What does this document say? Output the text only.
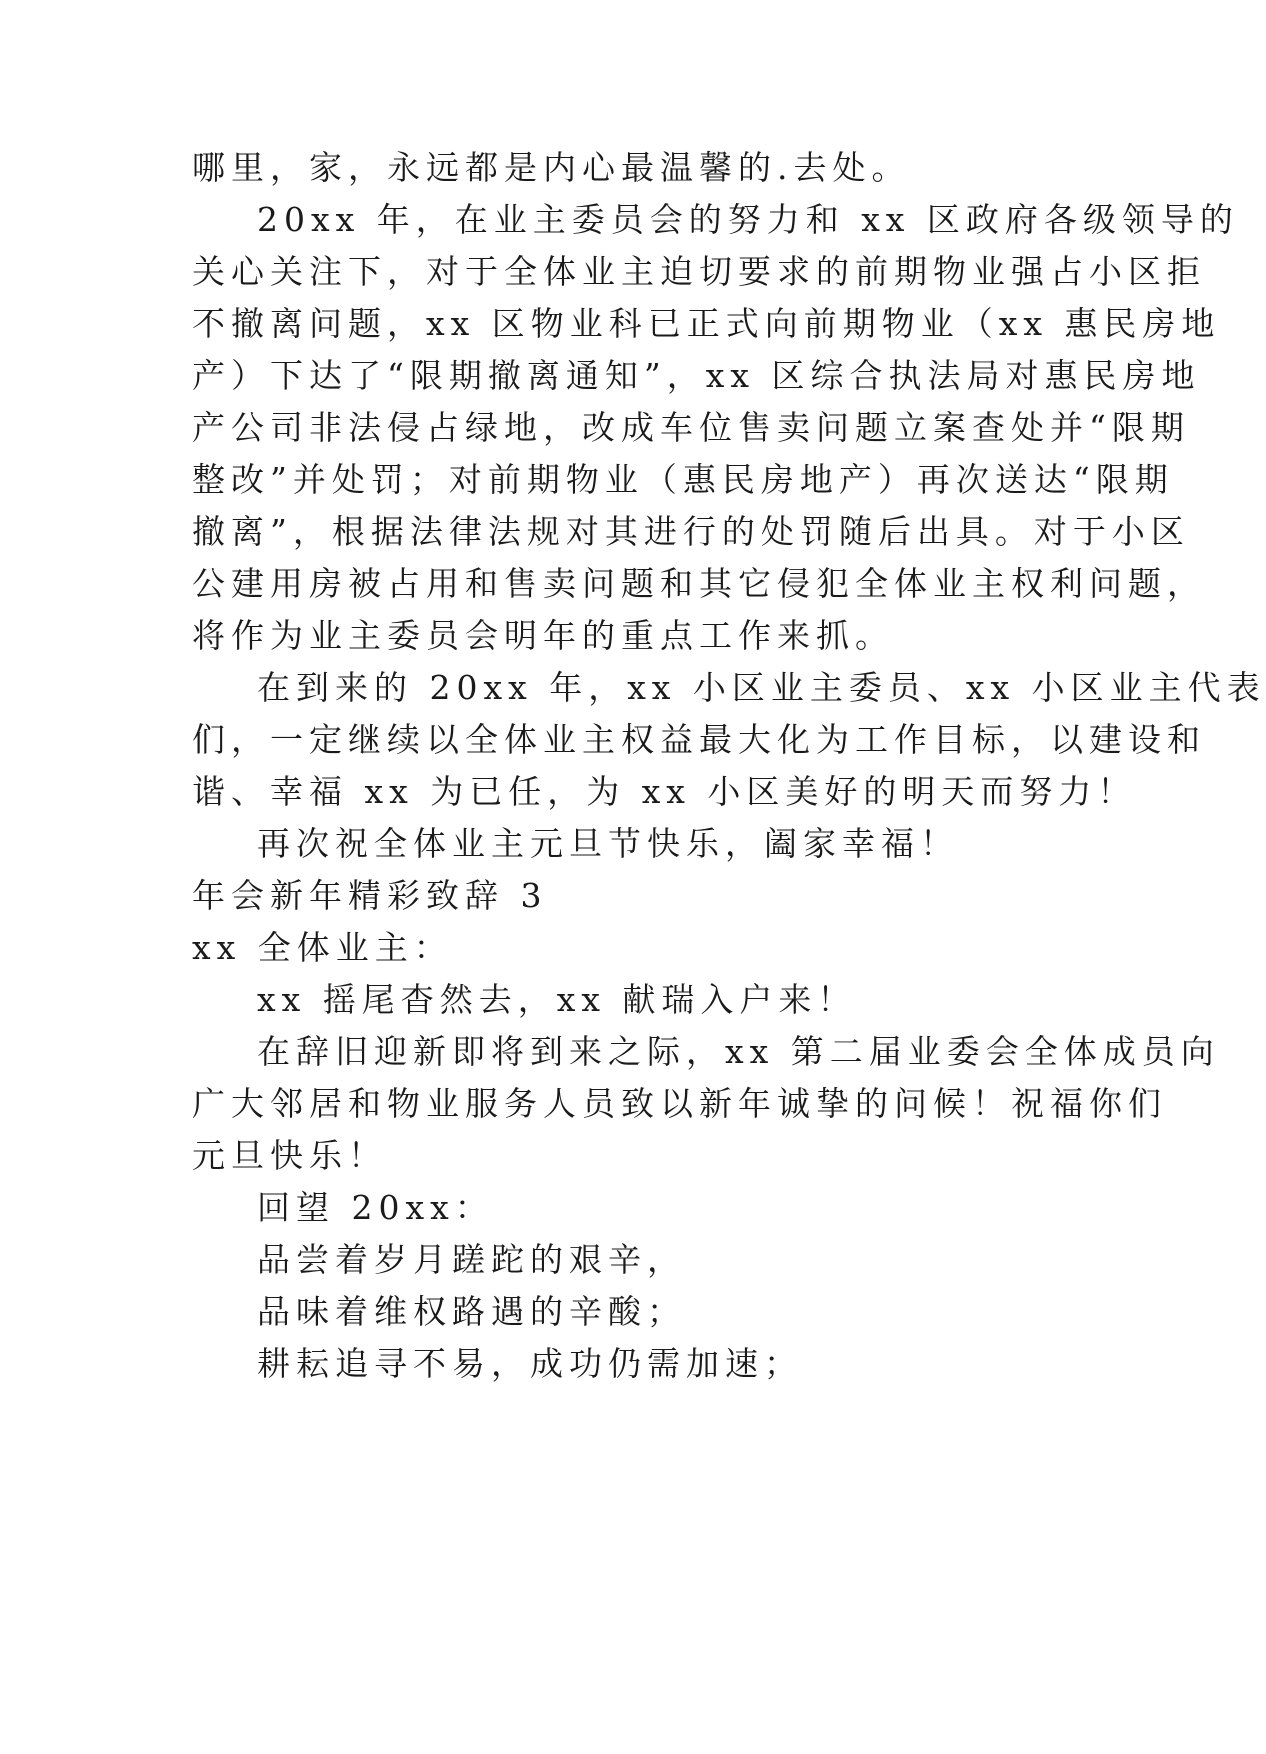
哪里，家，永远都是内心最温馨的.去处。
20xx 年，在业主委员会的努力和 xx 区政府各级领导的
关心关注下，对于全体业主迫切要求的前期物业强占小区拒
不撤离问题，xx 区物业科已正式向前期物业（xx 惠民房地
产）下达了“限期撤离通知”，xx 区综合执法局对惠民房地
产公司非法侵占绿地，改成车位售卖问题立案查处并“限期
整改”并处罚；对前期物业（惠民房地产）再次送达“限期
撤离”，根据法律法规对其进行的处罚随后出具。对于小区
公建用房被占用和售卖问题和其它侵犯全体业主权利问题，
将作为业主委员会明年的重点工作来抓。
在到来的 20xx 年，xx 小区业主委员、xx 小区业主代表
们，一定继续以全体业主权益最大化为工作目标，以建设和
谐、幸福 xx 为已任，为 xx 小区美好的明天而努力！
再次祝全体业主元旦节快乐，阖家幸福！
年会新年精彩致辞 3
xx 全体业主：
xx 摇尾杳然去，xx 献瑞入户来！
在辞旧迎新即将到来之际，xx 第二届业委会全体成员向
广大邻居和物业服务人员致以新年诚挚的问候！祝福你们
元旦快乐！
回望 20xx：
品尝着岁月蹉跎的艰辛，
品味着维权路遇的辛酸；
耕耘追寻不易，成功仍需加速；
